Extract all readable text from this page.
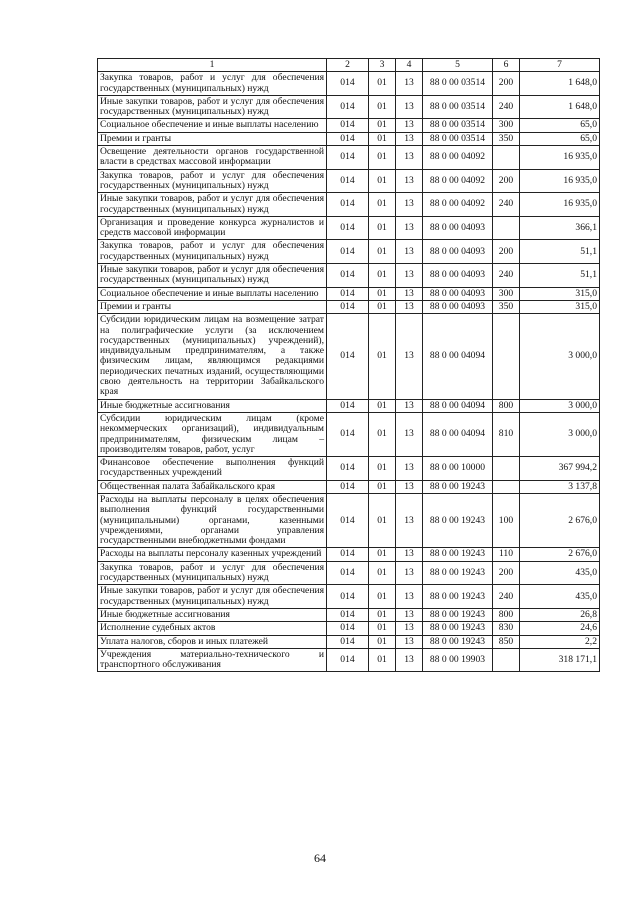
1	2	3	4	5	6	7
Закупка товаров, работ и услуг для обеспечения государственных (муниципальных) нужд	014	01	13	88 0 00 03514	200	1 648,0
Иные закупки товаров, работ и услуг для обеспечения государственных (муниципальных) нужд	014	01	13	88 0 00 03514	240	1 648,0
Социальное обеспечение и иные выплаты населению	014	01	13	88 0 00 03514	300	65,0
Премии и гранты	014	01	13	88 0 00 03514	350	65,0
Освещение деятельности органов государственной власти в средствах массовой информации	014	01	13	88 0 00 04092		16 935,0
Закупка товаров, работ и услуг для обеспечения государственных (муниципальных) нужд	014	01	13	88 0 00 04092	200	16 935,0
Иные закупки товаров, работ и услуг для обеспечения государственных (муниципальных) нужд	014	01	13	88 0 00 04092	240	16 935,0
Организация и проведение конкурса журналистов и средств массовой информации	014	01	13	88 0 00 04093		366,1
Закупка товаров, работ и услуг для обеспечения государственных (муниципальных) нужд	014	01	13	88 0 00 04093	200	51,1
Иные закупки товаров, работ и услуг для обеспечения государственных (муниципальных) нужд	014	01	13	88 0 00 04093	240	51,1
Социальное обеспечение и иные выплаты населению	014	01	13	88 0 00 04093	300	315,0
Премии и гранты	014	01	13	88 0 00 04093	350	315,0
Субсидии юридическим лицам на возмещение затрат на полиграфические услуги (за исключением государственных (муниципальных) учреждений), индивидуальным предпринимателям, а также физическим лицам, являющимся редакциями периодических печатных изданий, осуществляющими свою деятельность на территории Забайкальского края	014	01	13	88 0 00 04094		3 000,0
Иные бюджетные ассигнования	014	01	13	88 0 00 04094	800	3 000,0
Субсидии юридическим лицам (кроме некоммерческих организаций), индивидуальным предпринимателям, физическим лицам – производителям товаров, работ, услуг	014	01	13	88 0 00 04094	810	3 000,0
Финансовое обеспечение выполнения функций государственных учреждений	014	01	13	88 0 00 10000		367 994,2
Общественная палата Забайкальского края	014	01	13	88 0 00 19243		3 137,8
Расходы на выплаты персоналу в целях обеспечения выполнения функций государственными (муниципальными) органами, казенными учреждениями, органами управления государственными внебюджетными фондами	014	01	13	88 0 00 19243	100	2 676,0
Расходы на выплаты персоналу казенных учреждений	014	01	13	88 0 00 19243	110	2 676,0
Закупка товаров, работ и услуг для обеспечения государственных (муниципальных) нужд	014	01	13	88 0 00 19243	200	435,0
Иные закупки товаров, работ и услуг для обеспечения государственных (муниципальных) нужд	014	01	13	88 0 00 19243	240	435,0
Иные бюджетные ассигнования	014	01	13	88 0 00 19243	800	26,8
Исполнение судебных актов	014	01	13	88 0 00 19243	830	24,6
Уплата налогов, сборов и иных платежей	014	01	13	88 0 00 19243	850	2,2
Учреждения материально-технического и транспортного обслуживания	014	01	13	88 0 00 19903		318 171,1
64
